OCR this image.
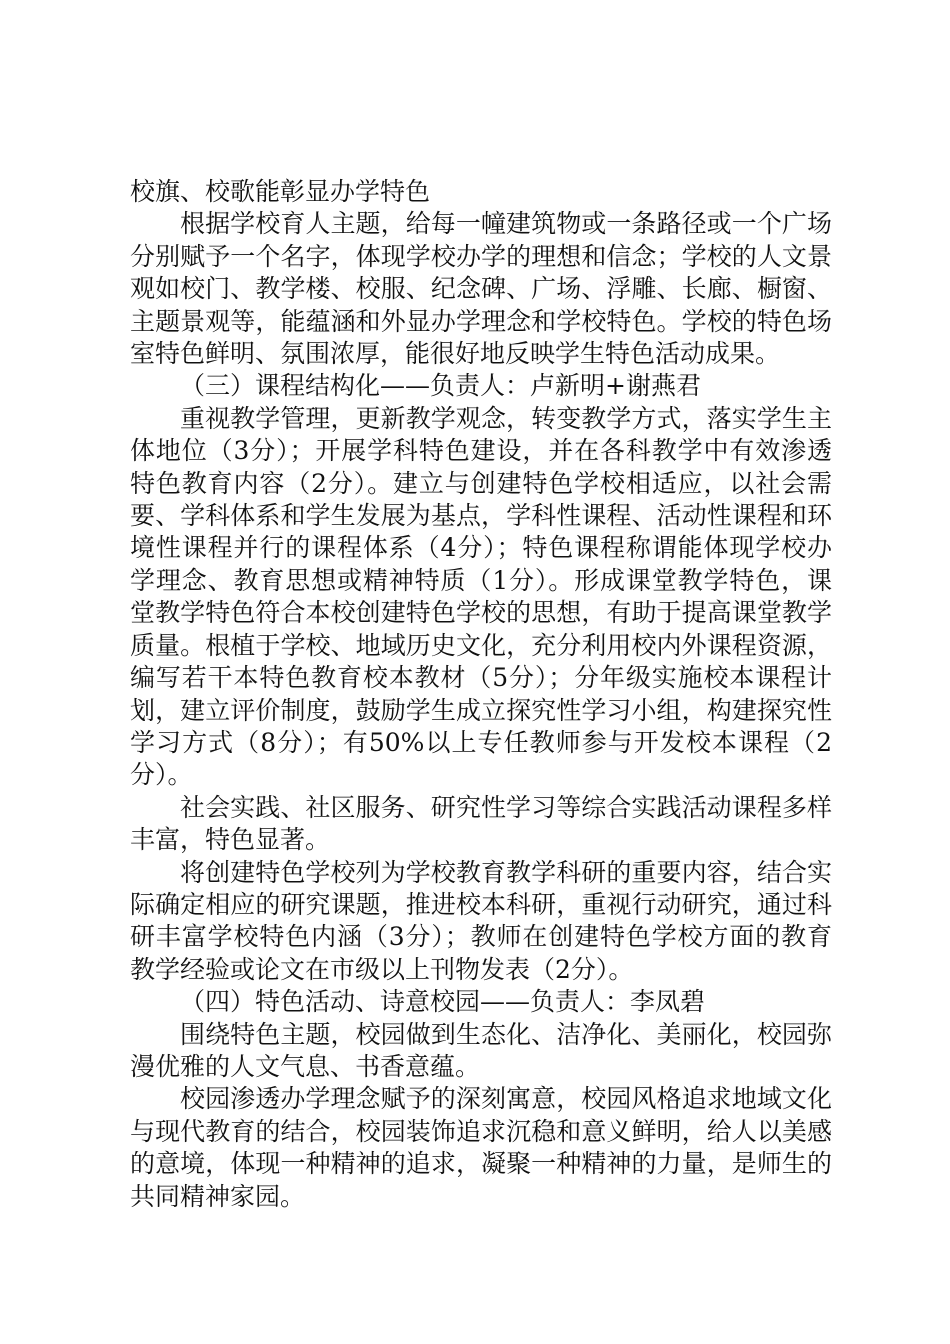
校旗、校歌能彰显办学特色

根据学校育人主题，给每一幢建筑物或一条路径或一个广场分别赋予一个名字，体现学校办学的理想和信念；学校的人文景观如校门、教学楼、校服、纪念碑、广场、浮雕、长廊、橱窗、主题景观等，能蕴涵和外显办学理念和学校特色。学校的特色场室特色鲜明、氛围浓厚，能很好地反映学生特色活动成果。

（三）课程结构化——负责人：卢新明+谢燕君

重视教学管理，更新教学观念，转变教学方式，落实学生主体地位（3分）；开展学科特色建设，并在各科教学中有效渗透特色教育内容（2分）。建立与创建特色学校相适应，以社会需要、学科体系和学生发展为基点，学科性课程、活动性课程和环境性课程并行的课程体系（4分）；特色课程称谓能体现学校办学理念、教育思想或精神特质（1分）。形成课堂教学特色，课堂教学特色符合本校创建特色学校的思想，有助于提高课堂教学质量。根植于学校、地域历史文化，充分利用校内外课程资源，编写若干本特色教育校本教材（5分）；分年级实施校本课程计划，建立评价制度，鼓励学生成立探究性学习小组，构建探究性学习方式（8分）；有50%以上专任教师参与开发校本课程（2分）。

社会实践、社区服务、研究性学习等综合实践活动课程多样丰富，特色显著。

将创建特色学校列为学校教育教学科研的重要内容，结合实际确定相应的研究课题，推进校本科研，重视行动研究，通过科研丰富学校特色内涵（3分）；教师在创建特色学校方面的教育教学经验或论文在市级以上刊物发表（2分）。

（四）特色活动、诗意校园——负责人：李凤碧

围绕特色主题，校园做到生态化、洁净化、美丽化，校园弥漫优雅的人文气息、书香意蕴。

校园渗透办学理念赋予的深刻寓意，校园风格追求地域文化与现代教育的结合，校园装饰追求沉稳和意义鲜明，给人以美感的意境，体现一种精神的追求，凝聚一种精神的力量，是师生的共同精神家园。
